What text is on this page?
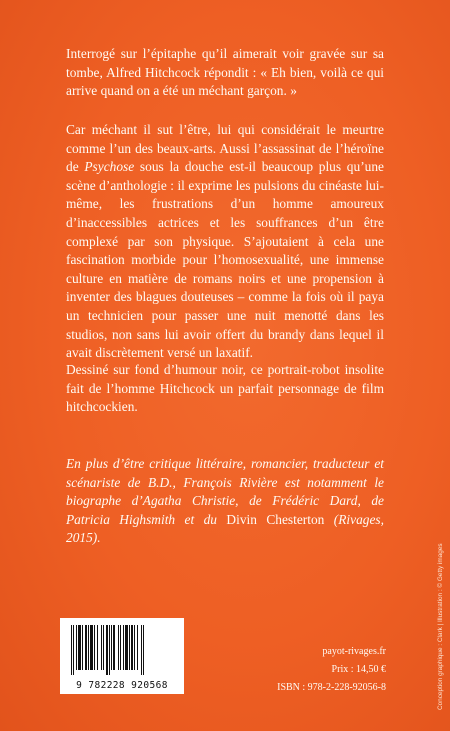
Interrogé sur l’épitaphe qu’il aimerait voir gravée sur sa tombe, Alfred Hitchcock répondit : « Eh bien, voilà ce qui arrive quand on a été un méchant garçon. »

Car méchant il sut l’être, lui qui considérait le meurtre comme l’un des beaux-arts. Aussi l’assassinat de l’héroïne de Psychose sous la douche est-il beaucoup plus qu’une scène d’anthologie : il exprime les pulsions du cinéaste lui-même, les frustrations d’un homme amoureux d’inaccessibles actrices et les souffrances d’un être complexé par son physique. S’ajoutaient à cela une fascination morbide pour l’homosexualité, une immense culture en matière de romans noirs et une propension à inventer des blagues douteuses – comme la fois où il paya un technicien pour passer une nuit menotté dans les studios, non sans lui avoir offert du brandy dans lequel il avait discrètement versé un laxatif.

Dessiné sur fond d’humour noir, ce portrait-robot insolite fait de l’homme Hitchcock un parfait personnage de film hitchcockien.

En plus d’être critique littéraire, romancier, traducteur et scénariste de B.D., François Rivière est notamment le biographe d’Agatha Christie, de Frédéric Dard, de Patricia Highsmith et du Divin Chesterton (Rivages, 2015).

9 782228 920568
payot-rivages.fr
Prix : 14,50 €
ISBN : 978-2-228-92056-8	Conception graphique : Clark | Illustration : © Getty images
